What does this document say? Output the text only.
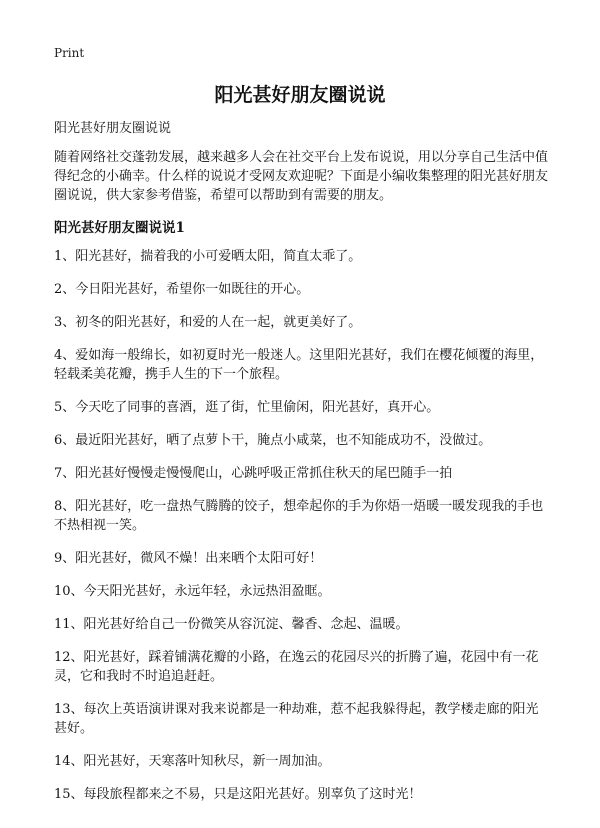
Print
阳光甚好朋友圈说说

阳光甚好朋友圈说说

随着网络社交蓬勃发展，越来越多人会在社交平台上发布说说，用以分享自己生活中值得纪念的小确幸。什么样的说说才受网友欢迎呢？下面是小编收集整理的阳光甚好朋友圈说说，供大家参考借鉴，希望可以帮助到有需要的朋友。

阳光甚好朋友圈说说1
1、阳光甚好，揣着我的小可爱晒太阳，简直太乖了。
2、今日阳光甚好，希望你一如既往的开心。
3、初冬的阳光甚好，和爱的人在一起，就更美好了。
4、爱如海一般绵长，如初夏时光一般迷人。这里阳光甚好，我们在樱花倾覆的海里，轻载柔美花瓣，携手人生的下一个旅程。
5、今天吃了同事的喜酒，逛了街，忙里偷闲，阳光甚好，真开心。
6、最近阳光甚好，晒了点萝卜干，腌点小咸菜，也不知能成功不，没做过。
7、阳光甚好慢慢走慢慢爬山，心跳呼吸正常抓住秋天的尾巴随手一拍
8、阳光甚好，吃一盘热气腾腾的饺子，想牵起你的手为你焐一焐暖一暖发现我的手也不热相视一笑。
9、阳光甚好，微风不燥！出来晒个太阳可好！
10、今天阳光甚好，永远年轻，永远热泪盈眶。
11、阳光甚好给自己一份微笑从容沉淀、馨香、念起、温暖。
12、阳光甚好，踩着铺满花瓣的小路，在逸云的花园尽兴的折腾了遍，花园中有一花灵，它和我时不时追追赶赶。
13、每次上英语演讲课对我来说都是一种劫难，惹不起我躲得起，教学楼走廊的阳光甚好。
14、阳光甚好，天寒落叶知秋尽，新一周加油。
15、每段旅程都来之不易，只是这阳光甚好。别辜负了这时光！
